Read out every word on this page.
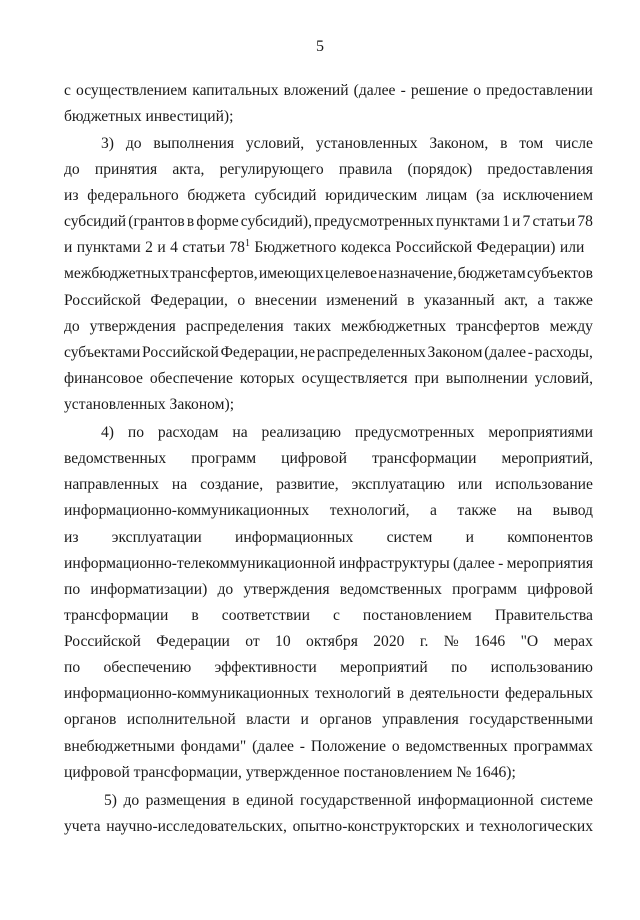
5
с осуществлением капитальных вложений (далее - решение о предоставлении
бюджетных инвестиций);
3) до выполнения условий, установленных Законом, в том числе
до принятия акта, регулирующего правила (порядок) предоставления
из федерального бюджета субсидий юридическим лицам (за исключением
субсидий (грантов в форме субсидий), предусмотренных пунктами 1 и 7 статьи 78
и пунктами 2 и 4 статьи $78^1$ Бюджетного кодекса Российской Федерации) или
межбюджетных трансфертов, имеющих целевое назначение, бюджетам субъектов
Российской Федерации, о внесении изменений в указанный акт, а также
до утверждения распределения таких межбюджетных трансфертов между
субъектами Российской Федерации, не распределенных Законом (далее - расходы,
финансовое обеспечение которых осуществляется при выполнении условий,
установленных Законом);
4) по расходам на реализацию предусмотренных мероприятиями
ведомственных программ цифровой трансформации мероприятий,
направленных на создание, развитие, эксплуатацию или использование
информационно-коммуникационных технологий, а также на вывод
из эксплуатации информационных систем и компонентов
информационно-телекоммуникационной инфраструктуры (далее - мероприятия
по информатизации) до утверждения ведомственных программ цифровой
трансформации в соответствии с постановлением Правительства
Российской Федерации от 10 октября 2020 г. № 1646 "О мерах
по обеспечению эффективности мероприятий по использованию
информационно-коммуникационных технологий в деятельности федеральных
органов исполнительной власти и органов управления государственными
внебюджетными фондами" (далее - Положение о ведомственных программах
цифровой трансформации, утвержденное постановлением № 1646);
5) до размещения в единой государственной информационной системе
учета научно-исследовательских, опытно-конструкторских и технологических
